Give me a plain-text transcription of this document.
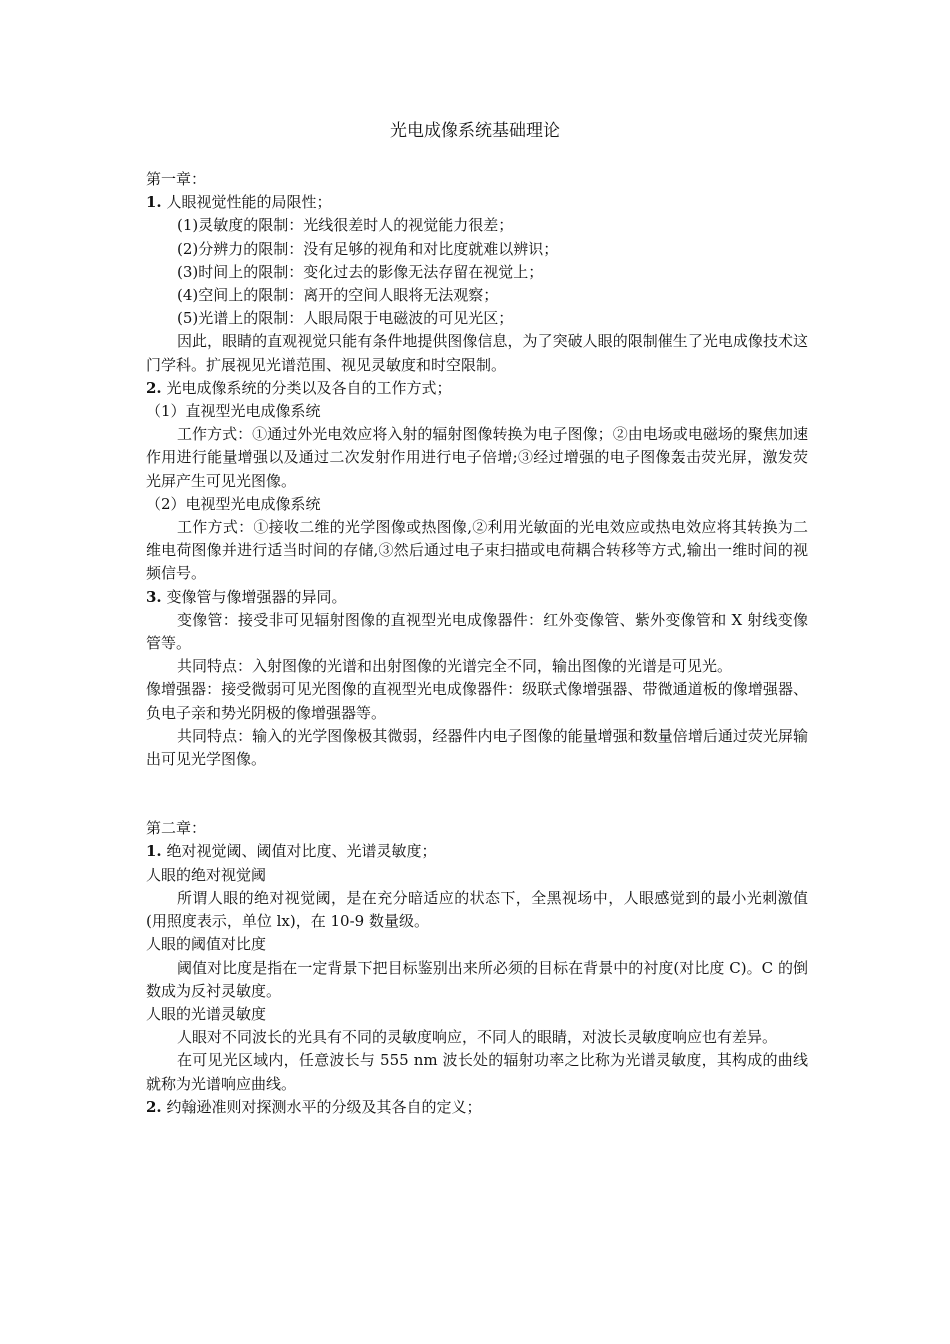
光电成像系统基础理论
第一章：
1. 人眼视觉性能的局限性；
(1)灵敏度的限制：光线很差时人的视觉能力很差；
(2)分辨力的限制：没有足够的视角和对比度就难以辨识；
(3)时间上的限制：变化过去的影像无法存留在视觉上；
(4)空间上的限制：离开的空间人眼将无法观察；
(5)光谱上的限制：人眼局限于电磁波的可见光区；
因此，眼睛的直观视觉只能有条件地提供图像信息，为了突破人眼的限制催生了光电成像技术这门学科。扩展视见光谱范围、视见灵敏度和时空限制。
2. 光电成像系统的分类以及各自的工作方式；
（1）直视型光电成像系统
工作方式：①通过外光电效应将入射的辐射图像转换为电子图像；②由电场或电磁场的聚焦加速作用进行能量增强以及通过二次发射作用进行电子倍增;③经过增强的电子图像轰击荧光屏，激发荧光屏产生可见光图像。
（2）电视型光电成像系统
工作方式：①接收二维的光学图像或热图像,②利用光敏面的光电效应或热电效应将其转换为二维电荷图像并进行适当时间的存储,③然后通过电子束扫描或电荷耦合转移等方式,输出一维时间的视频信号。
3. 变像管与像增强器的异同。
变像管：接受非可见辐射图像的直视型光电成像器件：红外变像管、紫外变像管和 X 射线变像管等。
共同特点：入射图像的光谱和出射图像的光谱完全不同，输出图像的光谱是可见光。
像增强器：接受微弱可见光图像的直视型光电成像器件：级联式像增强器、带微通道板的像增强器、负电子亲和势光阴极的像增强器等。
共同特点：输入的光学图像极其微弱，经器件内电子图像的能量增强和数量倍增后通过荧光屏输出可见光学图像。
第二章：
1. 绝对视觉阈、阈值对比度、光谱灵敏度；
人眼的绝对视觉阈
所谓人眼的绝对视觉阈，是在充分暗适应的状态下，全黑视场中，人眼感觉到的最小光刺激值(用照度表示，单位 lx)，在 10-9 数量级。
人眼的阈值对比度
阈值对比度是指在一定背景下把目标鉴别出来所必须的目标在背景中的衬度(对比度 C)。C 的倒数成为反衬灵敏度。
人眼的光谱灵敏度
人眼对不同波长的光具有不同的灵敏度响应，不同人的眼睛，对波长灵敏度响应也有差异。
在可见光区域内，任意波长与 555 nm 波长处的辐射功率之比称为光谱灵敏度，其构成的曲线就称为光谱响应曲线。
2. 约翰逊准则对探测水平的分级及其各自的定义；
